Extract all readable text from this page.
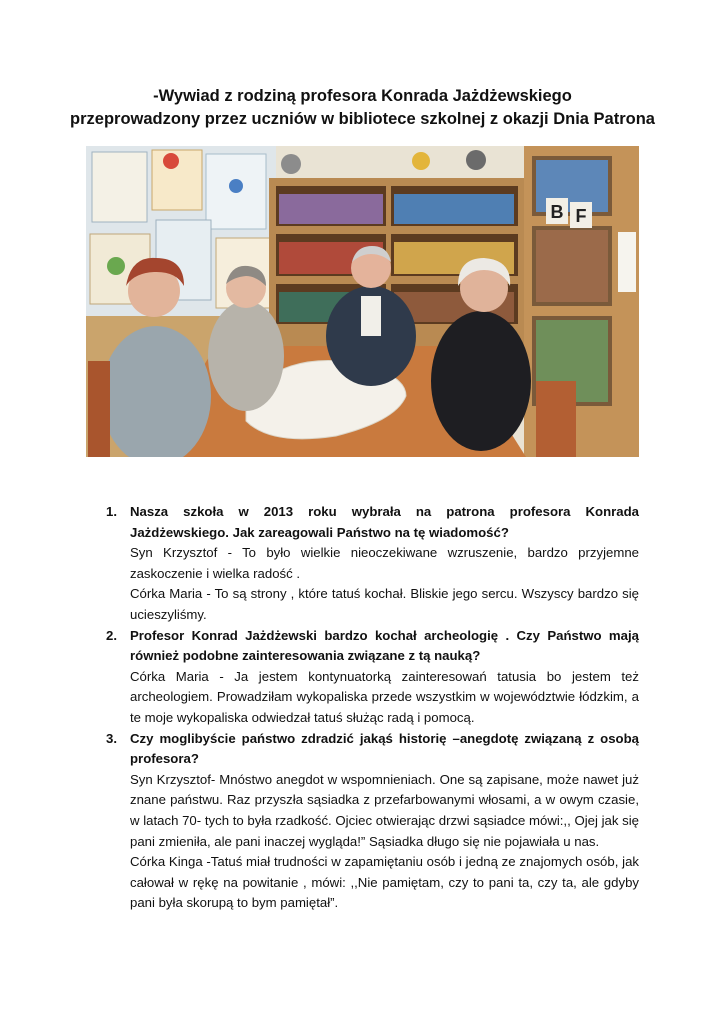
-Wywiad z rodziną profesora Konrada Jażdżewskiego
przeprowadzony przez uczniów w bibliotece szkolnej z okazji Dnia Patrona
B F
1. Nasza szkoła w 2013 roku wybrała na patrona profesora Konrada Jażdżewskiego. Jak zareagowali Państwo na tę wiadomość?
Syn Krzysztof - To było wielkie nieoczekiwane wzruszenie, bardzo przyjemne zaskoczenie i wielka radość .
Córka Maria - To są strony , które tatuś kochał. Bliskie jego sercu. Wszyscy bardzo się ucieszyliśmy.
2. Profesor Konrad Jażdżewski bardzo kochał archeologię . Czy Państwo mają również podobne zainteresowania związane z tą nauką?
Córka Maria - Ja jestem kontynuatorką zainteresowań tatusia bo jestem też archeologiem. Prowadziłam wykopaliska przede wszystkim w województwie łódzkim, a te moje wykopaliska odwiedzał tatuś służąc radą i pomocą.
3. Czy moglibyście państwo zdradzić jakąś historię –anegdotę związaną z osobą profesora?
Syn Krzysztof- Mnóstwo anegdot w wspomnieniach. One są zapisane, może nawet już znane państwu. Raz przyszła sąsiadka z przefarbowanymi włosami, a w owym czasie, w latach 70- tych to była rzadkość. Ojciec otwierając drzwi sąsiadce mówi:,, Ojej jak się pani zmieniła, ale pani inaczej wygląda!” Sąsiadka długo się nie pojawiała u nas.
Córka Kinga -Tatuś miał trudności w zapamiętaniu osób i jedną ze znajomych osób, jak całował w rękę na powitanie , mówi: ,,Nie pamiętam, czy to pani ta, czy ta, ale gdyby pani była skorupą to bym pamiętał”.
